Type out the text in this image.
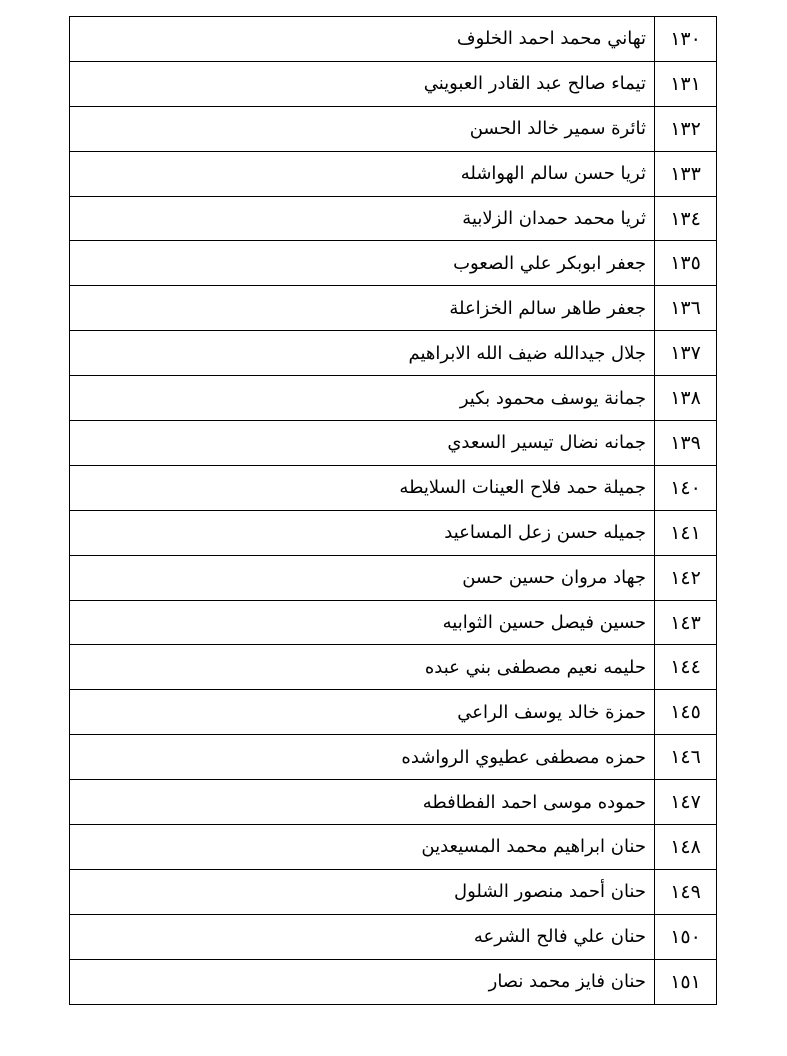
١٣٠	تهاني محمد احمد الخلوف
١٣١	تيماء صالح عبد القادر العبويني
١٣٢	ثائرة سمير خالد الحسن
١٣٣	ثريا حسن سالم الهواشله
١٣٤	ثريا محمد حمدان الزلابية
١٣٥	جعفر ابوبكر علي الصعوب
١٣٦	جعفر طاهر سالم الخزاعلة
١٣٧	جلال جيدالله ضيف الله الابراهيم
١٣٨	جمانة يوسف محمود بكير
١٣٩	جمانه نضال تيسير السعدي
١٤٠	جميلة حمد فلاح العينات السلايطه
١٤١	جميله حسن زعل المساعيد
١٤٢	جهاد مروان حسين حسن
١٤٣	حسين فيصل حسين الثوابيه
١٤٤	حليمه نعيم مصطفى بني عبده
١٤٥	حمزة خالد يوسف الراعي
١٤٦	حمزه مصطفى عطيوي الرواشده
١٤٧	حموده موسى احمد الفطافطه
١٤٨	حنان ابراهيم محمد المسيعدين
١٤٩	حنان أحمد منصور الشلول
١٥٠	حنان علي فالح الشرعه
١٥١	حنان فايز محمد نصار
